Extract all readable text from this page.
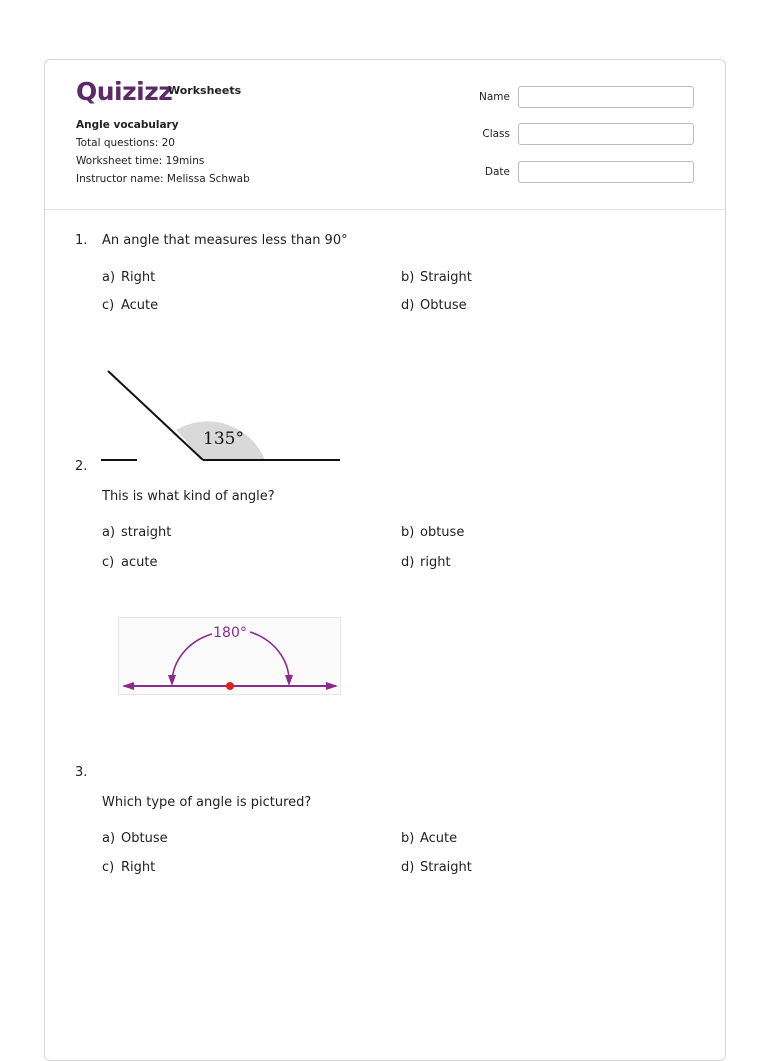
Quizizz
Worksheets
Angle vocabulary
Total questions: 20
Worksheet time: 19mins
Instructor name: Melissa Schwab
Name
Class
Date
1. An angle that measures less than 90°
a) Right	b) Straight
c) Acute	d) Obtuse
135°
2.
This is what kind of angle?
a) straight	b) obtuse
c) acute	d) right
180°
3.
Which type of angle is pictured?
a) Obtuse	b) Acute
c) Right	d) Straight
